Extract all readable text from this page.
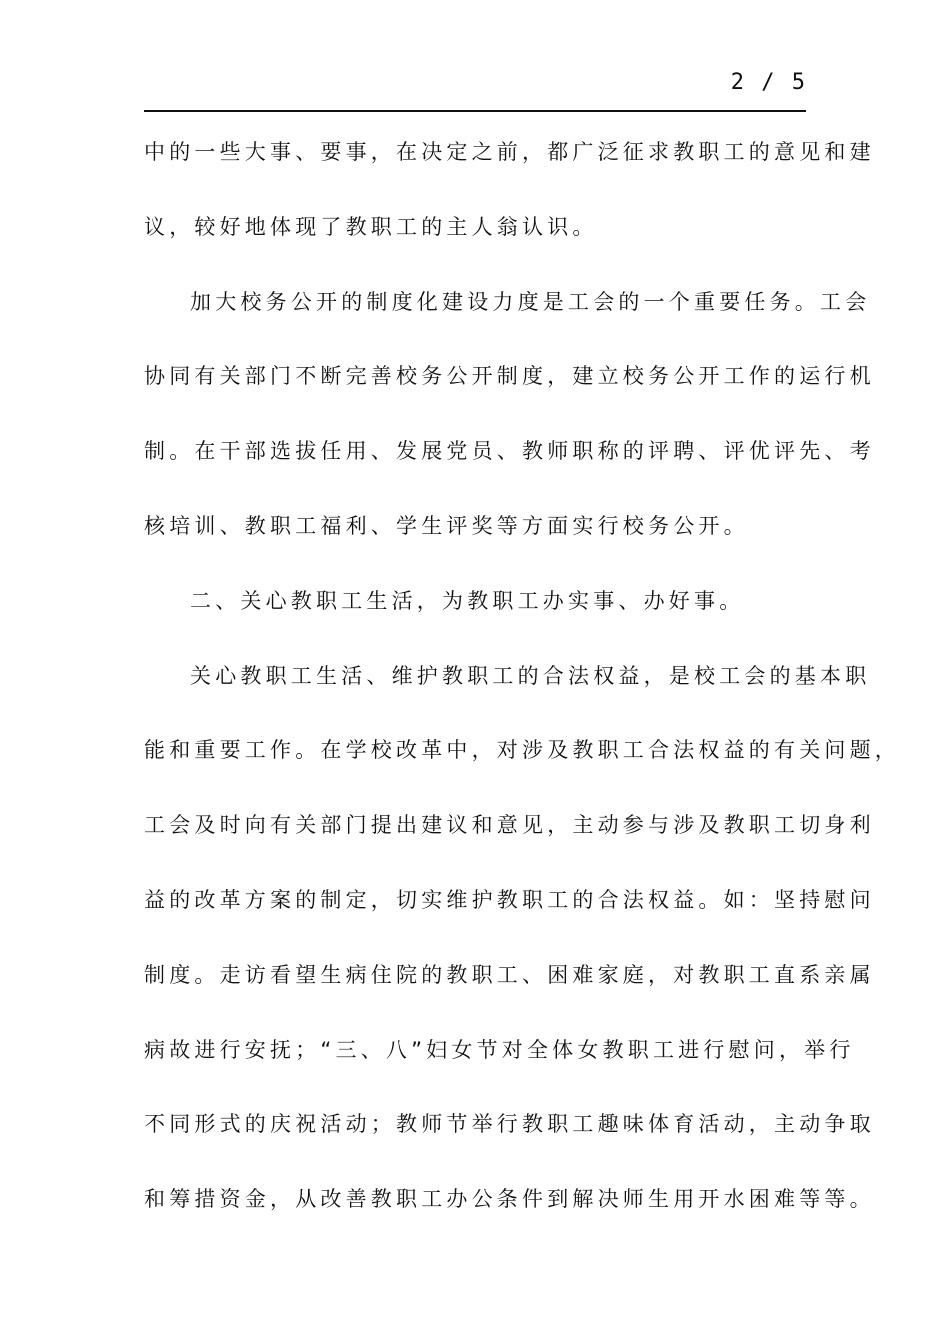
2 / 5
中的一些大事、要事，在决定之前，都广泛征求教职工的意见和建
议，较好地体现了教职工的主人翁认识。
加大校务公开的制度化建设力度是工会的一个重要任务。工会
协同有关部门不断完善校务公开制度，建立校务公开工作的运行机
制。在干部选拔任用、发展党员、教师职称的评聘、评优评先、考
核培训、教职工福利、学生评奖等方面实行校务公开。
二、关心教职工生活，为教职工办实事、办好事。
关心教职工生活、维护教职工的合法权益，是校工会的基本职
能和重要工作。在学校改革中，对涉及教职工合法权益的有关问题，
工会及时向有关部门提出建议和意见，主动参与涉及教职工切身利
益的改革方案的制定，切实维护教职工的合法权益。如：坚持慰问
制度。走访看望生病住院的教职工、困难家庭，对教职工直系亲属
病故进行安抚；“三、八”妇女节对全体女教职工进行慰问，举行
不同形式的庆祝活动；教师节举行教职工趣味体育活动，主动争取
和筹措资金，从改善教职工办公条件到解决师生用开水困难等等。
